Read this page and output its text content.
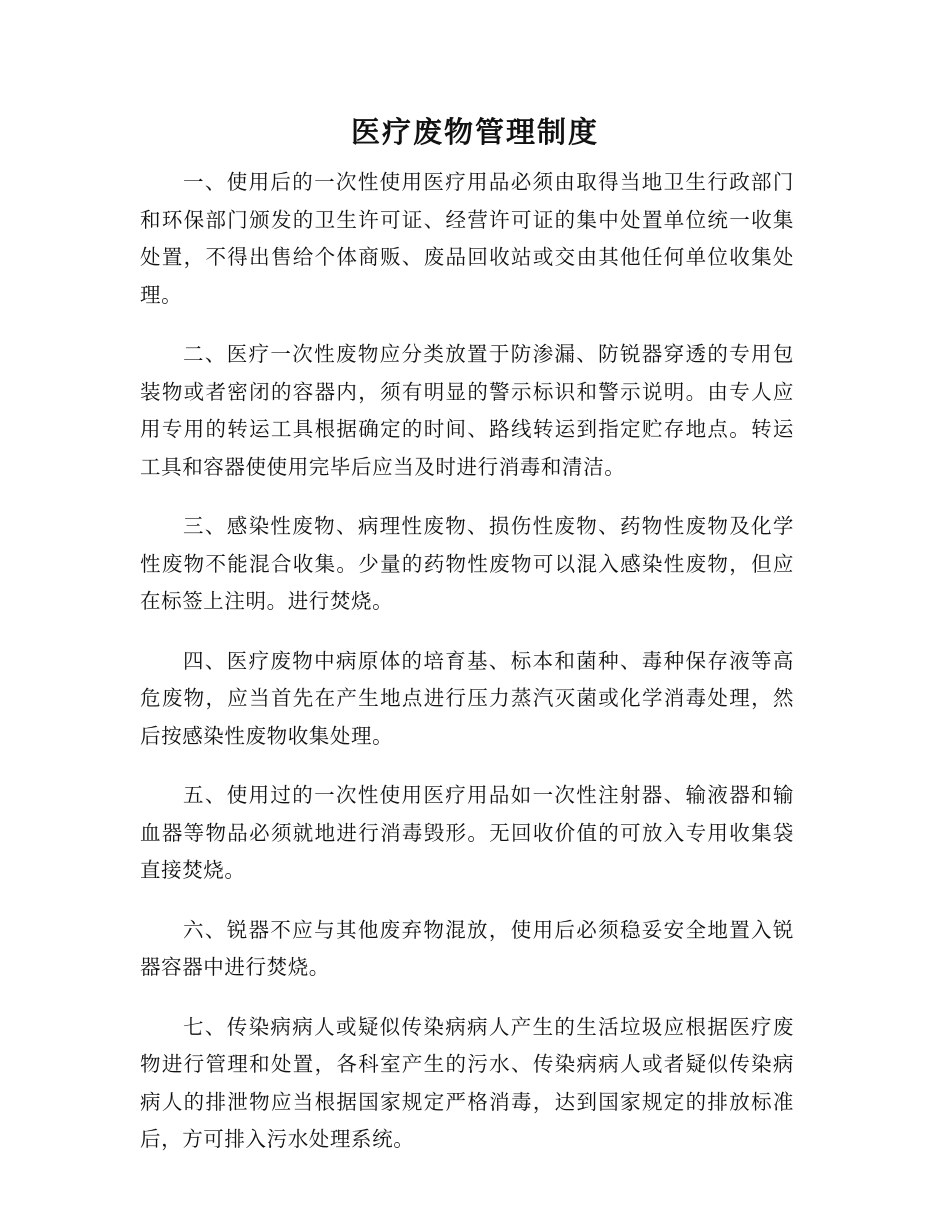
医疗废物管理制度

一、使用后的一次性使用医疗用品必须由取得当地卫生行政部门和环保部门颁发的卫生许可证、经营许可证的集中处置单位统一收集处置，不得出售给个体商贩、废品回收站或交由其他任何单位收集处理。

二、医疗一次性废物应分类放置于防渗漏、防锐器穿透的专用包装物或者密闭的容器内，须有明显的警示标识和警示说明。由专人应用专用的转运工具根据确定的时间、路线转运到指定贮存地点。转运工具和容器使使用完毕后应当及时进行消毒和清洁。

三、感染性废物、病理性废物、损伤性废物、药物性废物及化学性废物不能混合收集。少量的药物性废物可以混入感染性废物，但应在标签上注明。进行焚烧。

四、医疗废物中病原体的培育基、标本和菌种、毒种保存液等高危废物，应当首先在产生地点进行压力蒸汽灭菌或化学消毒处理，然后按感染性废物收集处理。

五、使用过的一次性使用医疗用品如一次性注射器、输液器和输血器等物品必须就地进行消毒毁形。无回收价值的可放入专用收集袋直接焚烧。

六、锐器不应与其他废弃物混放，使用后必须稳妥安全地置入锐器容器中进行焚烧。

七、传染病病人或疑似传染病病人产生的生活垃圾应根据医疗废物进行管理和处置，各科室产生的污水、传染病病人或者疑似传染病病人的排泄物应当根据国家规定严格消毒，达到国家规定的排放标准后，方可排入污水处理系统。
